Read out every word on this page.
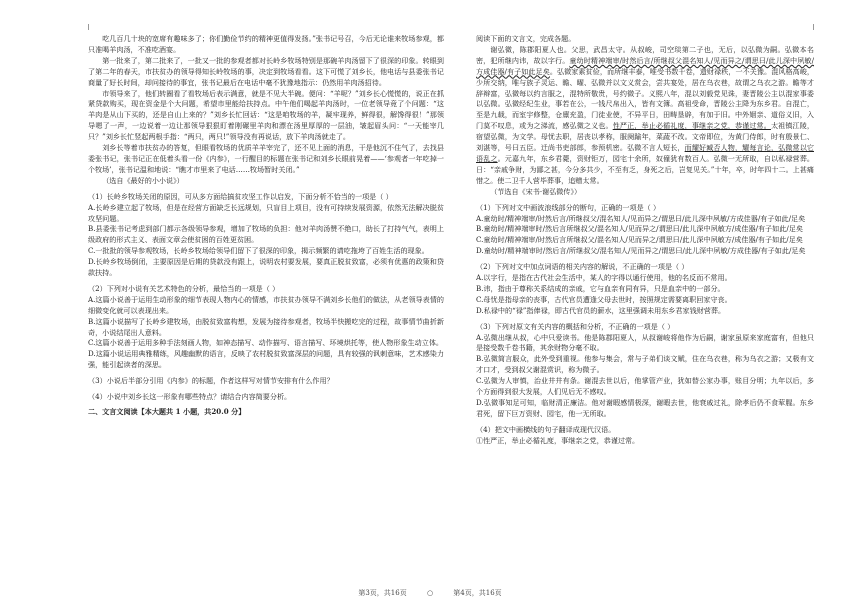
吃几百几十块的宽席有趣味多了；你们勤俭节约的精神更值得发扬。”张书记号召，今后无论谁来牧场参观，都只准喝羊肉汤，不准吃酒宴。

第一批来了，第二批来了，一批又一批的参观者都对长岭乡牧场特别是那碗羊肉汤留下了很深的印象。转眼到了第二年的春天，市扶贫办的领导得知长岭牧场的事，决定到牧场看看。这下可慌了刘乡长，他电话与县委张书记商量了好长时间，却问接待的事宜，张书记最后在电话中毫不犹豫地指示：仍然用羊肉汤招待。

市领导来了，他们转圈看了看牧场后表示满意，就是不见大半碗。便问：“羊呢？”刘乡长心慌慌的，说正在抓紧贷款购买，现在资金是个大问题，希望市里能给扶持点。中午他们喝起羊肉汤时，一位老领导竟了个问题：“这羊肉是从山下买的，还是自山上来的？”刘乡长忙回话：“这是咱牧场的羊，凝牢现养，鲜得很，解馋得很！”那领导嗯了一声，一边说着一边让那领导狠狠盯着刚碾里羊肉和漂在汤里厚厚的一层油，皱起眉头问：“一天能宰几只？”刘乡长忙竖起两根手指：“两只，两只!”领导没有再说话，放下羊肉汤就走了。

刘乡长等着市扶贫办的答复，但眼看牧场的优质羊羊宰完了，还不见上面的消息，干是他沉不住气了，去找县委张书记，张书记正在低着头看一份《内参》，一行醒目的标题在张书记和刘乡长眼前晃着——‘参观者一年吃掉一个牧场’，张书记温和地说：“瞧才市里来了电话……牧场暂时关闭。”

（选自《最好的小小说》）

（1）长岭乡牧场关闭的原因，可从多方面给搞贫攻坚工作以启发，下面分析不恰当的一项是（ ）

A.长岭乡建立起了牧场，但是在经营方面缺乏长远规划，只盲目上项目，没有可持续发展资源，依然无法解决脱贫攻坚问题。

B.县委张书记考虑到部门都示各级领导参观，增加了牧场的负担：他对羊肉汤赞不绝口，助长了打持气气，表明上级政府的形式主义、表面文章会使贫困的百姓更贫困。

C.一批批的领导参观牧场，长岭乡牧场给领导们留下了很深的印象，揭示频繁的请吃拖垮了百姓生活的现象。

D.长岭乡牧场倒闭，主要原因是后期的贷款没有跟上，说明农村要发展，要真正脱贫致富，必须有优惠的政策和贷款扶持。

（2）下列对小说有关艺术特色的分析，最恰当的一项是（ ）

A.这篇小说善于运用生动形象的细节表现人物内心的情感，市扶贫办领导不满刘乡长他们的做法，从老领导表情的细微变化就可以表现出来。

B.这篇小说描写了长岭乡建牧场，由脱贫致富构想，发展为接待参观者，牧场半快搬吃完的过程，故事情节曲折新奇，小说结尾出人意料。

C.这篇小说善于运用多种手法刻画人物，如神态描写、动作描写、语言描写、环境烘托等，使人物形象生动立体。

D.这篇小说运用典雅精练，风趣幽默的语言，反映了农村脱贫致富深层的问题，具有较强的讽刺意味，艺术感染力强，能引起读者的深思。

（3）小说后半部分引用《内参》的标题，作者这样写对情节安排有什么作用？

（4）小说中刘乡长这一形象有哪些特点？请结合内容简要分析。

二、文言文阅读【本大题共 1 小题，共20.0 分】

阅读下面的文言文，完成各题。

谢弘微，陈郡阳夏人也。父思，武昌太守。从叔峻，司空琰第二子也，无后，以弘微为嗣。弘微本名密，犯所继内讳，故以字行。童幼时精神端审/时然后言/所继叔父混名知人/见而异之/谓思曰/此儿深中夙敏/方成佳器/有子如此足矣。弘微家素贫俭，而所继丰泰，唯受书数千卷，遗财禄秩，一不关豫。混风格高峻，少所交纳，唯与族子灵运、瞻、曜、弘微并以文义赏会，尝共宴处，居在乌衣巷，故谓之乌衣之游。瞻等才辞辩富，弘微每以约言服之，混特所敬贵，号约微子。义熙八年，混以刘毅党见诛，妻晋陵公主以混家事委以弘微。弘微经纪生业，事若在公，一钱尺帛出入，皆有文簿。高祖受命，晋陵公主降为东乡君。自混亡，至是九载，而室宇修整，仓廪充盈，门徒业使，不异平日，田畴垦辟，有加于旧。中外姻亲、道俗义旧，入门莫不叹息，或为之涕流，感弘微之义也。性严正，举止必循礼度，事继亲之党，恭谨过常。太祖镇江陵，宿望弘微，为文学。母忧去职，居丧以孝称，服阕踰年，菜蔬不改。文帝即位，为黄门侍郎，时有殷景仁、刘湛等，号曰五臣。迁尚书吏部郎，参预机密。弘微不言人短长，而耀好臧否人物，耀每言论，弘微常以它语乱之。元嘉九年，东乡君薨，资财钜万，园宅十余所，奴僮犹有数百人。弘微一无所取，自以私禄营葬。日：“亲戚争财，为鄙之甚，今分多共少，不至有乏，身死之后，岂复见关。”十年，卒，时年四十二。上甚痛惜之。使二卫千人营毕葬事，追赠太常。

（节选自《宋书·谢弘微传》）

（1）下列对文中画波浪线部分的断句，正确的一项是（ ）

A.童幼时/精神端审/时然后言/所继叔父/混名知人/见而异之/谓思曰/此儿深中夙敏/方成佳器/有子如此/足矣

B.童幼时/精神端审时/然后言所继叔父/混名知人/见而异之/谓思曰/此儿深中夙敏方/成佳器/有子如此/足矣

C.童幼时/精神端审/时然后言所继叔父/混名知人/见而异之/谓思曰/此儿深中夙敏方/成佳器/有子如此/足矣

D.童幼时/精神端审时/然后言/所继叔父/混名知人/见而异之/谓思曰/此儿深中夙敏/方成佳器/有子如此/足矣

（2）下列对文中加点词语的相关内容的解说，不正确的一项是（ ）

A.以字行，是指在古代社会生活中，某人的字得以通行使用，他的名反而不常用。

B.讳，指由于尊称关系结成的亲戚，它与血亲有同有异，只是血亲中的一部分。

C.母忧是指母亲的丧事，古代官员遭逢父母去世时，按照规定需要离职回家守丧。

D.私禄中的“禄”指俸禄，即古代官员的薪水，这里强调未用东乡君家钱财营葬。

（3）下列对原文有关内容的概括和分析，不正确的一项是（ ）

A.弘微出继从叔，心中只爱读书。他是陈郡阳夏人，从叔谢峻将他作为后嗣，谢家虽原来家庭富有，但他只是接受数千卷书籍，其余财物分毫不取。

B.弘微简言服众，此外受到重视。他参与集会，常与子弟们谈文赋，住在乌衣巷，称为乌衣之游；又极有文才口才，受到叔父谢混赏识，称为微子。

C.弘微为人审慎，治业井井有条。谢混去世以后，他掌管产业，犹如替公家办事，账目分明；九年以后，多个方面得到很大发展，人们见后无不感叹。

D.弘微事知足可知，临财清正廉洁。他对谢暇感情极深，谢暇去世，他衰戚过礼，除孝后仍不食荤腥。东乡君死，留下巨万资财、园宅，他一无所取。

（4）把文中画横线的句子翻译成现代汉语。

①性严正，举止必循礼度，事继亲之党，恭谨过常。

第3页，共16页	○	第4页，共16页
